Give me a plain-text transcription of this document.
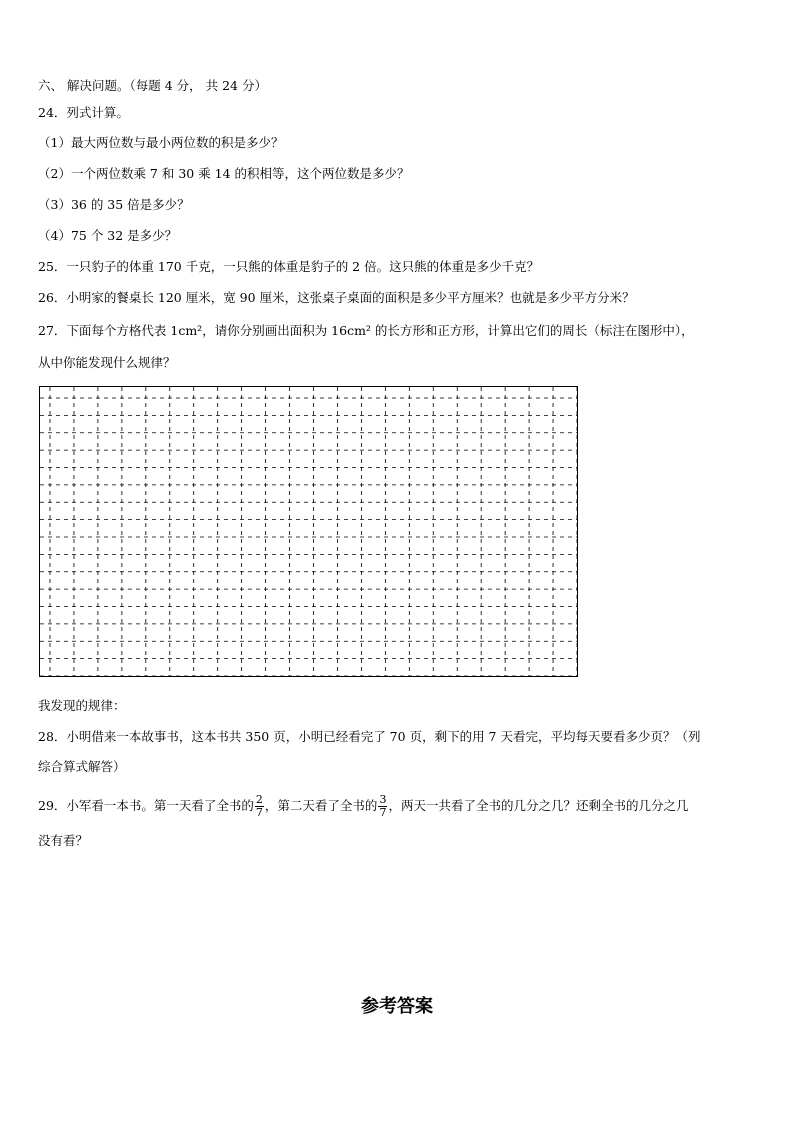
六、 解决问题。（每题 4 分， 共 24 分）
24．列式计算。
（1）最大两位数与最小两位数的积是多少？
（2）一个两位数乘 7 和 30 乘 14 的积相等，这个两位数是多少？
（3）36 的 35 倍是多少？
（4）75 个 32 是多少？
25．一只豹子的体重 170 千克，一只熊的体重是豹子的 2 倍。这只熊的体重是多少千克？
26．小明家的餐桌长 120 厘米，宽 90 厘米，这张桌子桌面的面积是多少平方厘米？也就是多少平方分米？
27．下面每个方格代表 1cm²，请你分别画出面积为 16cm² 的长方形和正方形，计算出它们的周长（标注在图形中），
从中你能发现什么规律？
我发现的规律：
28．小明借来一本故事书，这本书共 350 页，小明已经看完了 70 页，剩下的用 7 天看完，平均每天要看多少页？（列
综合算式解答）
29．小军看一本书。第一天看了全书的 $\frac{2}{7}$ ，第二天看了全书的 $\frac{3}{7}$ ，两天一共看了全书的几分之几？还剩全书的几分之几
没有看？
参考答案
